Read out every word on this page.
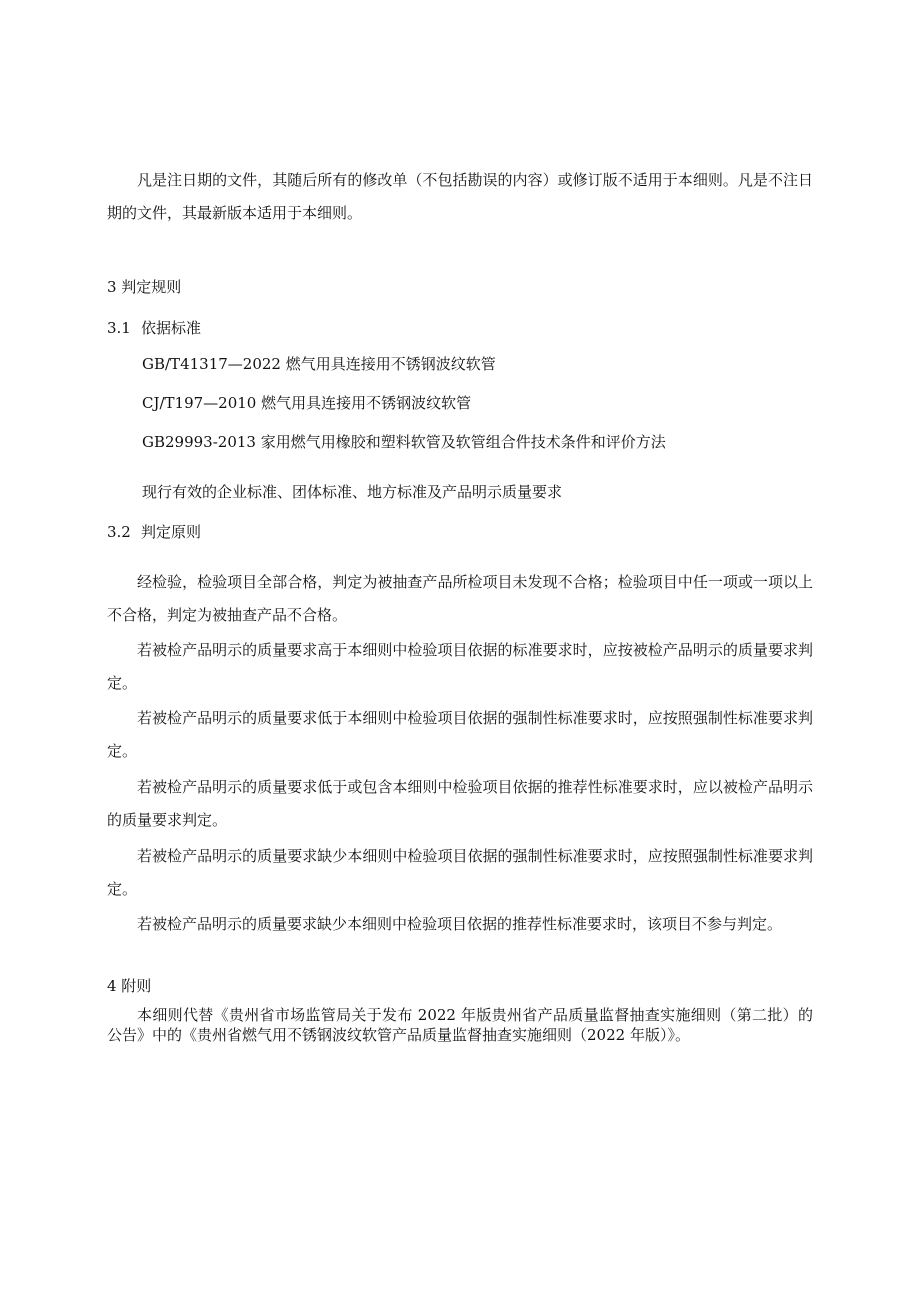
凡是注日期的文件，其随后所有的修改单（不包括勘误的内容）或修订版不适用于本细则。凡是不注日期的文件，其最新版本适用于本细则。

3 判定规则
3.1 依据标准
GB/T41317—2022 燃气用具连接用不锈钢波纹软管
CJ/T197—2010 燃气用具连接用不锈钢波纹软管
GB29993-2013 家用燃气用橡胶和塑料软管及软管组合件技术条件和评价方法
现行有效的企业标准、团体标准、地方标准及产品明示质量要求
3.2 判定原则

经检验，检验项目全部合格，判定为被抽查产品所检项目未发现不合格；检验项目中任一项或一项以上不合格，判定为被抽查产品不合格。

若被检产品明示的质量要求高于本细则中检验项目依据的标准要求时，应按被检产品明示的质量要求判定。

若被检产品明示的质量要求低于本细则中检验项目依据的强制性标准要求时，应按照强制性标准要求判定。

若被检产品明示的质量要求低于或包含本细则中检验项目依据的推荐性标准要求时，应以被检产品明示的质量要求判定。

若被检产品明示的质量要求缺少本细则中检验项目依据的强制性标准要求时，应按照强制性标准要求判定。

若被检产品明示的质量要求缺少本细则中检验项目依据的推荐性标准要求时，该项目不参与判定。

4 附则

本细则代替《贵州省市场监管局关于发布 2022 年版贵州省产品质量监督抽查实施细则（第二批）的公告》中的《贵州省燃气用不锈钢波纹软管产品质量监督抽查实施细则（2022 年版）》。
